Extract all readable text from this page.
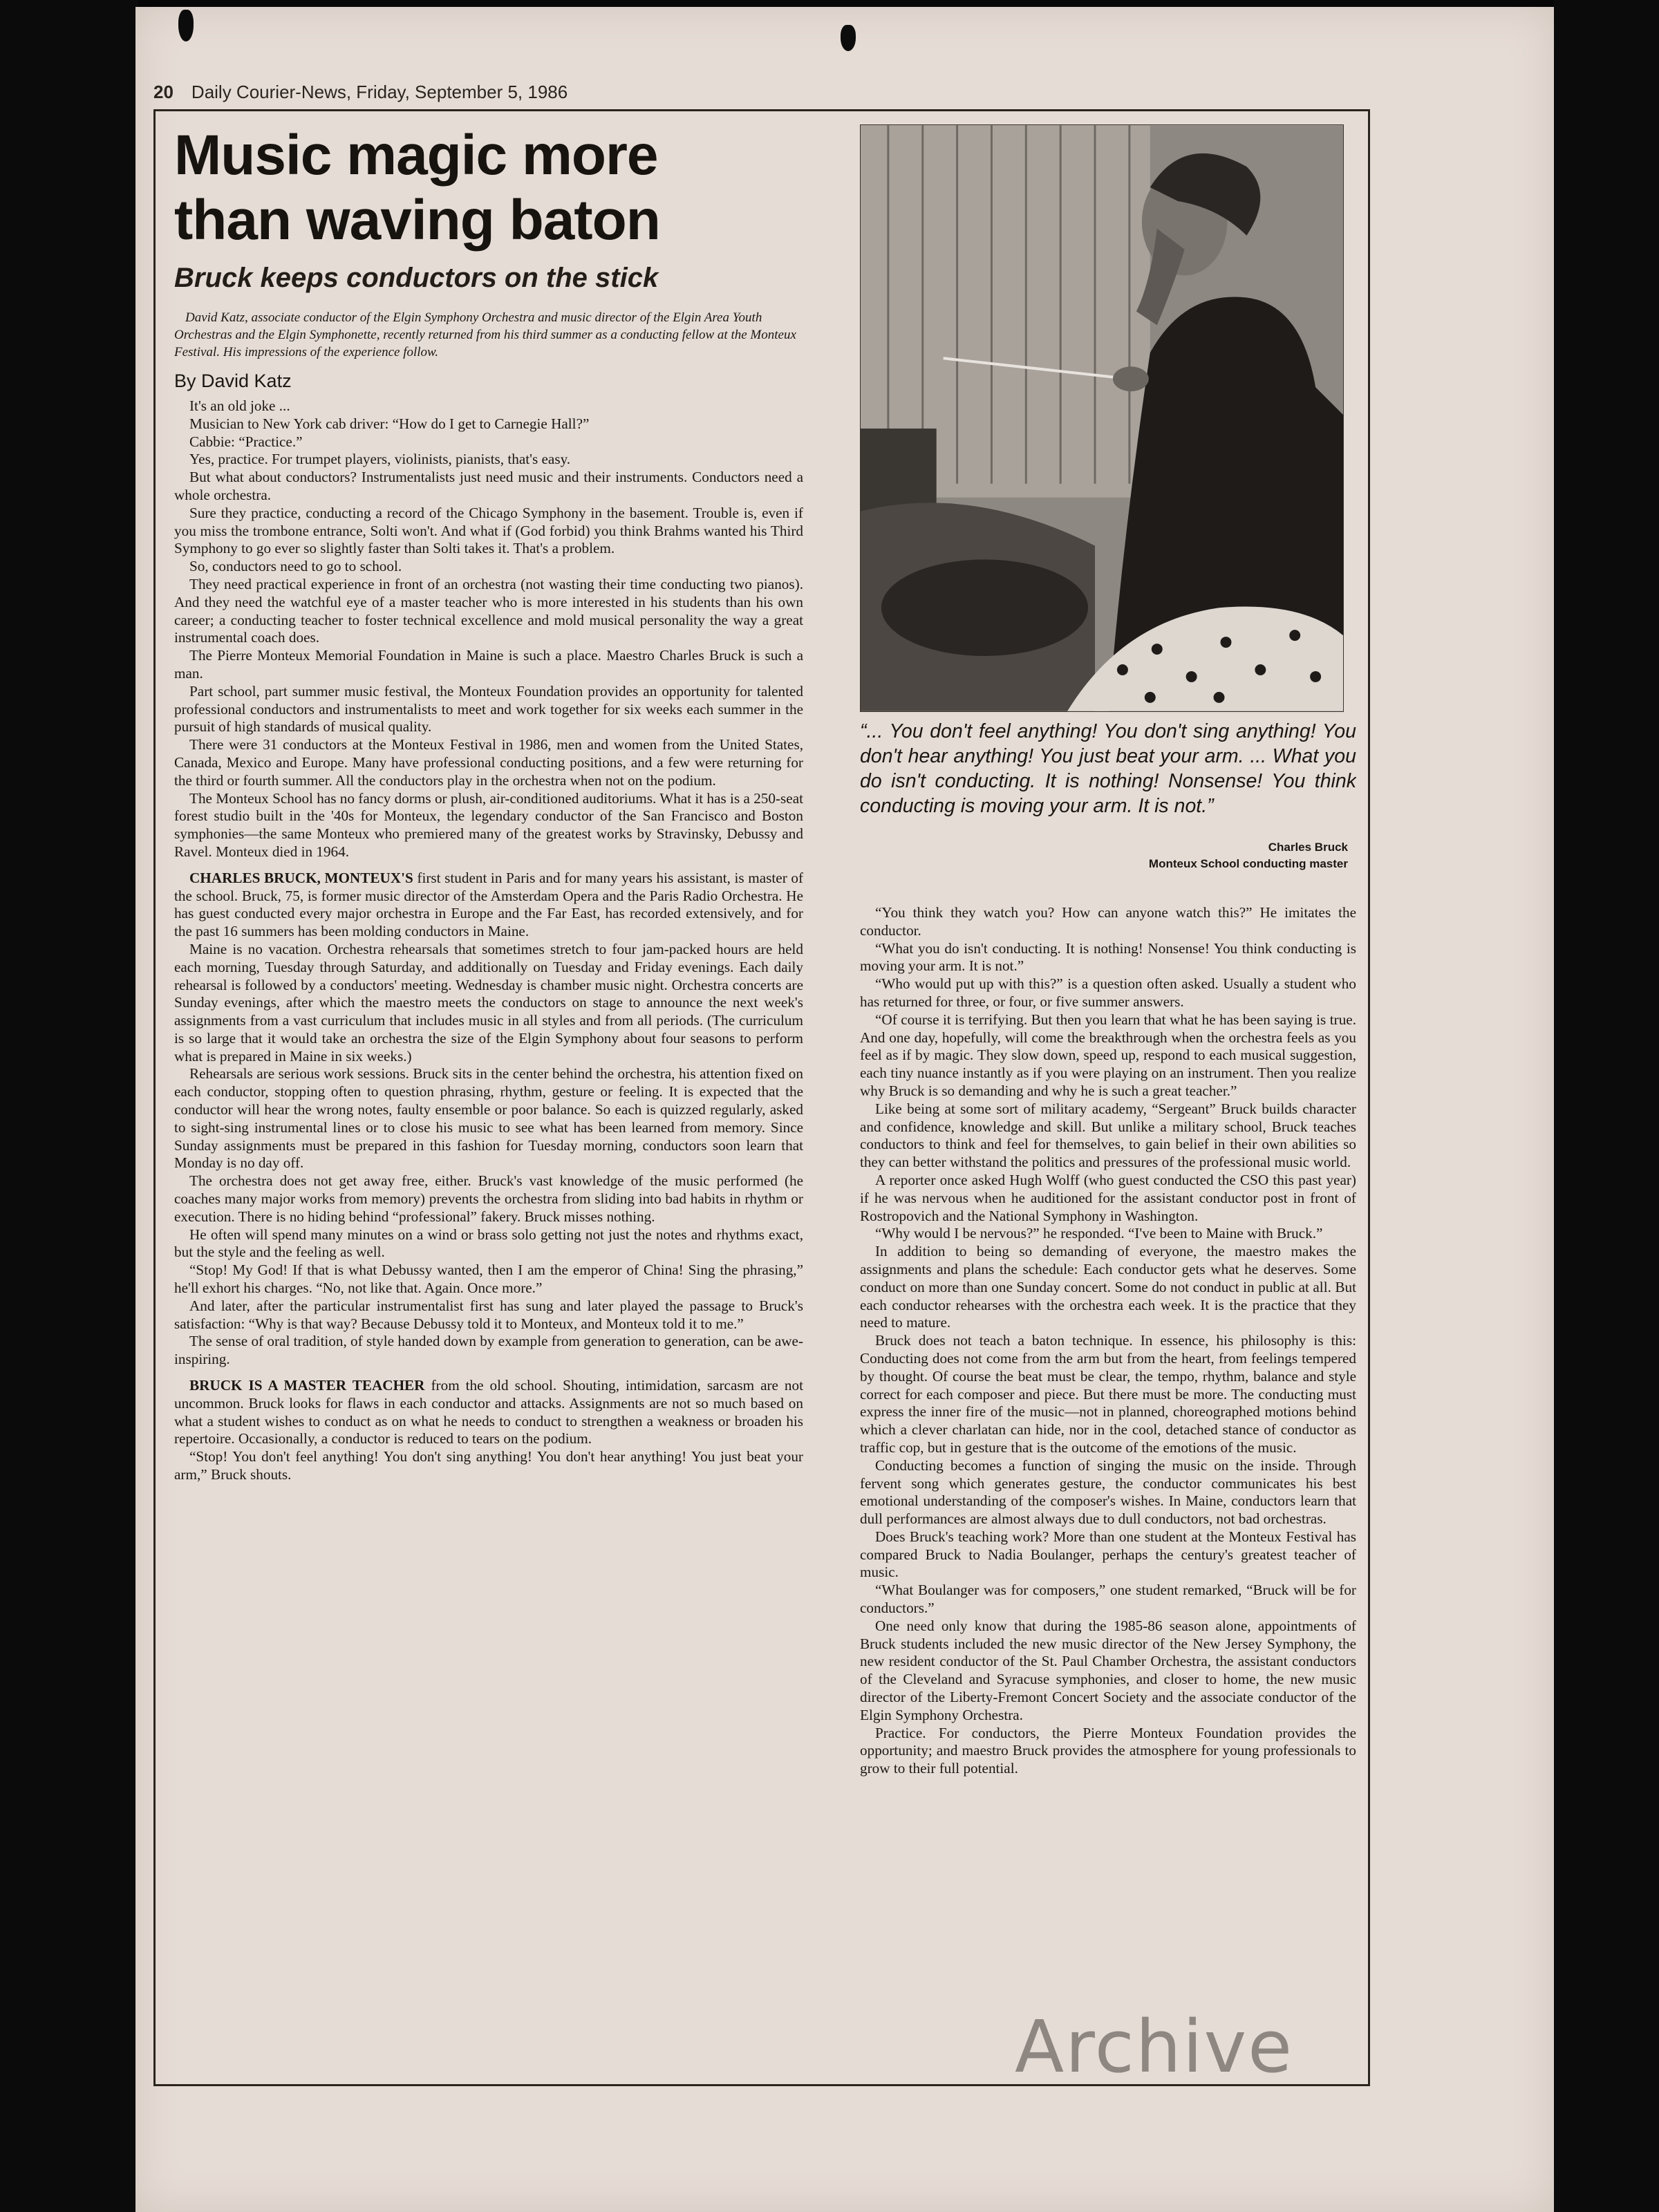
20 Daily Courier-News, Friday, September 5, 1986
Music magic more
than waving baton
Bruck keeps conductors on the stick

David Katz, associate conductor of the Elgin Symphony Orchestra and music director of the Elgin Area Youth Orchestras and the Elgin Symphonette, recently returned from his third summer as a conducting fellow at the Monteux Festival. His impressions of the experience follow.

By David Katz

It's an old joke ...

Musician to New York cab driver: “How do I get to Carnegie Hall?”

Cabbie: “Practice.”

Yes, practice. For trumpet players, violinists, pianists, that's easy.

But what about conductors? Instrumentalists just need music and their instruments. Conductors need a whole orchestra.

Sure they practice, conducting a record of the Chicago Symphony in the basement. Trouble is, even if you miss the trombone entrance, Solti won't. And what if (God forbid) you think Brahms wanted his Third Symphony to go ever so slightly faster than Solti takes it. That's a problem.

So, conductors need to go to school.

They need practical experience in front of an orchestra (not wasting their time conducting two pianos). And they need the watchful eye of a master teacher who is more interested in his students than his own career; a conducting teacher to foster technical excellence and mold musical personality the way a great instrumental coach does.

The Pierre Monteux Memorial Foundation in Maine is such a place. Maestro Charles Bruck is such a man.

Part school, part summer music festival, the Monteux Foundation provides an opportunity for talented professional conductors and instrumentalists to meet and work together for six weeks each summer in the pursuit of high standards of musical quality.

There were 31 conductors at the Monteux Festival in 1986, men and women from the United States, Canada, Mexico and Europe. Many have professional conducting positions, and a few were returning for the third or fourth summer. All the conductors play in the orchestra when not on the podium.

The Monteux School has no fancy dorms or plush, air-conditioned auditoriums. What it has is a 250-seat forest studio built in the '40s for Monteux, the legendary conductor of the San Francisco and Boston symphonies—the same Monteux who premiered many of the greatest works by Stravinsky, Debussy and Ravel. Monteux died in 1964.

CHARLES BRUCK, MONTEUX'S first student in Paris and for many years his assistant, is master of the school. Bruck, 75, is former music director of the Amsterdam Opera and the Paris Radio Orchestra. He has guest conducted every major orchestra in Europe and the Far East, has recorded extensively, and for the past 16 summers has been molding conductors in Maine.

Maine is no vacation. Orchestra rehearsals that sometimes stretch to four jam-packed hours are held each morning, Tuesday through Saturday, and additionally on Tuesday and Friday evenings. Each daily rehearsal is followed by a conductors' meeting. Wednesday is chamber music night. Orchestra concerts are Sunday evenings, after which the maestro meets the conductors on stage to announce the next week's assignments from a vast curriculum that includes music in all styles and from all periods. (The curriculum is so large that it would take an orchestra the size of the Elgin Symphony about four seasons to perform what is prepared in Maine in six weeks.)

Rehearsals are serious work sessions. Bruck sits in the center behind the orchestra, his attention fixed on each conductor, stopping often to question phrasing, rhythm, gesture or feeling. It is expected that the conductor will hear the wrong notes, faulty ensemble or poor balance. So each is quizzed regularly, asked to sight-sing instrumental lines or to close his music to see what has been learned from memory. Since Sunday assignments must be prepared in this fashion for Tuesday morning, conductors soon learn that Monday is no day off.

The orchestra does not get away free, either. Bruck's vast knowledge of the music performed (he coaches many major works from memory) prevents the orchestra from sliding into bad habits in rhythm or execution. There is no hiding behind “professional” fakery. Bruck misses nothing.

He often will spend many minutes on a wind or brass solo getting not just the notes and rhythms exact, but the style and the feeling as well.

“Stop! My God! If that is what Debussy wanted, then I am the emperor of China! Sing the phrasing,” he'll exhort his charges. “No, not like that. Again. Once more.”

And later, after the particular instrumentalist first has sung and later played the passage to Bruck's satisfaction: “Why is that way? Because Debussy told it to Monteux, and Monteux told it to me.”

The sense of oral tradition, of style handed down by example from generation to generation, can be awe-inspiring.

BRUCK IS A MASTER TEACHER from the old school. Shouting, intimidation, sarcasm are not uncommon. Bruck looks for flaws in each conductor and attacks. Assignments are not so much based on what a student wishes to conduct as on what he needs to conduct to strengthen a weakness or broaden his repertoire. Occasionally, a conductor is reduced to tears on the podium.

“Stop! You don't feel anything! You don't sing anything! You don't hear anything! You just beat your arm,” Bruck shouts.

“... You don't feel anything! You don't sing anything! You don't hear anything! You just beat your arm. ... What you do isn't conducting. It is nothing! Nonsense! You think conducting is moving your arm. It is not.”
Charles Bruck
Monteux School conducting master

“You think they watch you? How can anyone watch this?” He imitates the conductor.

“What you do isn't conducting. It is nothing! Nonsense! You think conducting is moving your arm. It is not.”

“Who would put up with this?” is a question often asked. Usually a student who has returned for three, or four, or five summer answers.

“Of course it is terrifying. But then you learn that what he has been saying is true. And one day, hopefully, will come the breakthrough when the orchestra feels as you feel as if by magic. They slow down, speed up, respond to each musical suggestion, each tiny nuance instantly as if you were playing on an instrument. Then you realize why Bruck is so demanding and why he is such a great teacher.”

Like being at some sort of military academy, “Sergeant” Bruck builds character and confidence, knowledge and skill. But unlike a military school, Bruck teaches conductors to think and feel for themselves, to gain belief in their own abilities so they can better withstand the politics and pressures of the professional music world.

A reporter once asked Hugh Wolff (who guest conducted the CSO this past year) if he was nervous when he auditioned for the assistant conductor post in front of Rostropovich and the National Symphony in Washington.

“Why would I be nervous?” he responded. “I've been to Maine with Bruck.”

In addition to being so demanding of everyone, the maestro makes the assignments and plans the schedule: Each conductor gets what he deserves. Some conduct on more than one Sunday concert. Some do not conduct in public at all. But each conductor rehearses with the orchestra each week. It is the practice that they need to mature.

Bruck does not teach a baton technique. In essence, his philosophy is this: Conducting does not come from the arm but from the heart, from feelings tempered by thought. Of course the beat must be clear, the tempo, rhythm, balance and style correct for each composer and piece. But there must be more. The conducting must express the inner fire of the music—not in planned, choreographed motions behind which a clever charlatan can hide, nor in the cool, detached stance of conductor as traffic cop, but in gesture that is the outcome of the emotions of the music.

Conducting becomes a function of singing the music on the inside. Through fervent song which generates gesture, the conductor communicates his best emotional understanding of the composer's wishes. In Maine, conductors learn that dull performances are almost always due to dull conductors, not bad orchestras.

Does Bruck's teaching work? More than one student at the Monteux Festival has compared Bruck to Nadia Boulanger, perhaps the century's greatest teacher of music.

“What Boulanger was for composers,” one student remarked, “Bruck will be for conductors.”

One need only know that during the 1985-86 season alone, appointments of Bruck students included the new music director of the New Jersey Symphony, the new resident conductor of the St. Paul Chamber Orchestra, the assistant conductors of the Cleveland and Syracuse symphonies, and closer to home, the new music director of the Liberty-Fremont Concert Society and the associate conductor of the Elgin Symphony Orchestra.

Practice. For conductors, the Pierre Monteux Foundation provides the opportunity; and maestro Bruck provides the atmosphere for young professionals to grow to their full potential.

Archive
